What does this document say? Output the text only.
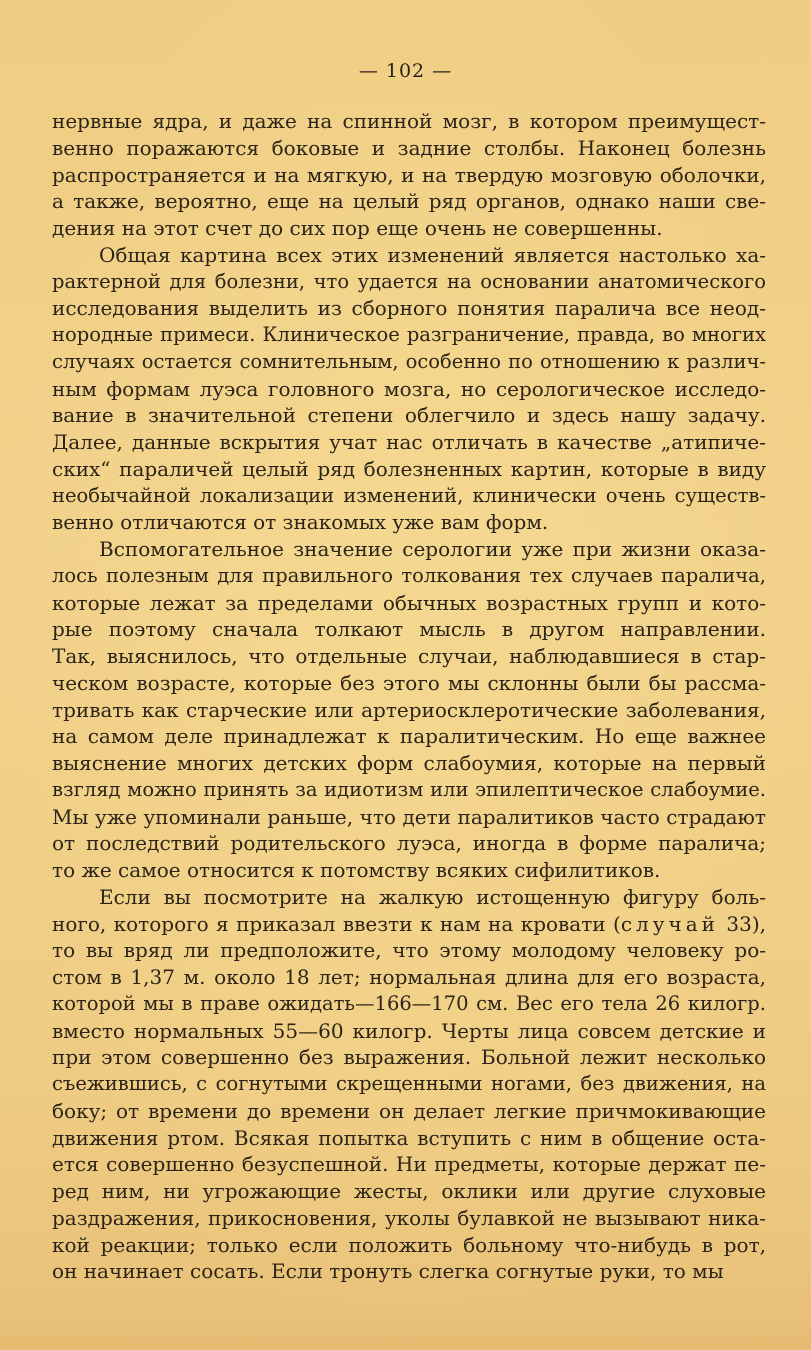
— 102 —
нервные ядра, и даже на спинной мозг, в котором преимущест-
венно поражаются боковые и задние столбы. Наконец болезнь
распространяется и на мягкую, и на твердую мозговую оболочки,
а также, вероятно, еще на целый ряд органов, однако наши све-
дения на этот счет до сих пор еще очень не совершенны.
Общая картина всех этих изменений является настолько ха-
рактерной для болезни, что удается на основании анатомического
исследования выделить из сборного понятия паралича все неод-
нородные примеси. Клиническое разграничение, правда, во многих
случаях остается сомнительным, особенно по отношению к различ-
ным формам луэса головного мозга, но серологическое исследо-
вание в значительной степени облегчило и здесь нашу задачу.
Далее, данные вскрытия учат нас отличать в качестве „атипиче-
ских“ параличей целый ряд болезненных картин, которые в виду
необычайной локализации изменений, клинически очень существ-
венно отличаются от знакомых уже вам форм.
Вспомогательное значение серологии уже при жизни оказа-
лось полезным для правильного толкования тех случаев паралича,
которые лежат за пределами обычных возрастных групп и кото-
рые поэтому сначала толкают мысль в другом направлении.
Так, выяснилось, что отдельные случаи, наблюдавшиеся в стар-
ческом возрасте, которые без этого мы склонны были бы рассма-
тривать как старческие или артериосклеротические заболевания,
на самом деле принадлежат к паралитическим. Но еще важнее
выяснение многих детских форм слабоумия, которые на первый
взгляд можно принять за идиотизм или эпилептическое слабоумие.
Мы уже упоминали раньше, что дети паралитиков часто страдают
от последствий родительского луэса, иногда в форме паралича;
то же самое относится к потомству всяких сифилитиков.
Если вы посмотрите на жалкую истощенную фигуру боль-
ного, которого я приказал ввезти к нам на кровати (случай 33),
то вы вряд ли предположите, что этому молодому человеку ро-
стом в 1,37 м. около 18 лет; нормальная длина для его возраста,
которой мы в праве ожидать—166—170 см. Вес его тела 26 килогр.
вместо нормальных 55—60 килогр. Черты лица совсем детские и
при этом совершенно без выражения. Больной лежит несколько
съежившись, с согнутыми скрещенными ногами, без движения, на
боку; от времени до времени он делает легкие причмокивающие
движения ртом. Всякая попытка вступить с ним в общение оста-
ется совершенно безуспешной. Ни предметы, которые держат пе-
ред ним, ни угрожающие жесты, оклики или другие слуховые
раздражения, прикосновения, уколы булавкой не вызывают ника-
кой реакции; только если положить больному что-нибудь в рот,
он начинает сосать. Если тронуть слегка согнутые руки, то мы
